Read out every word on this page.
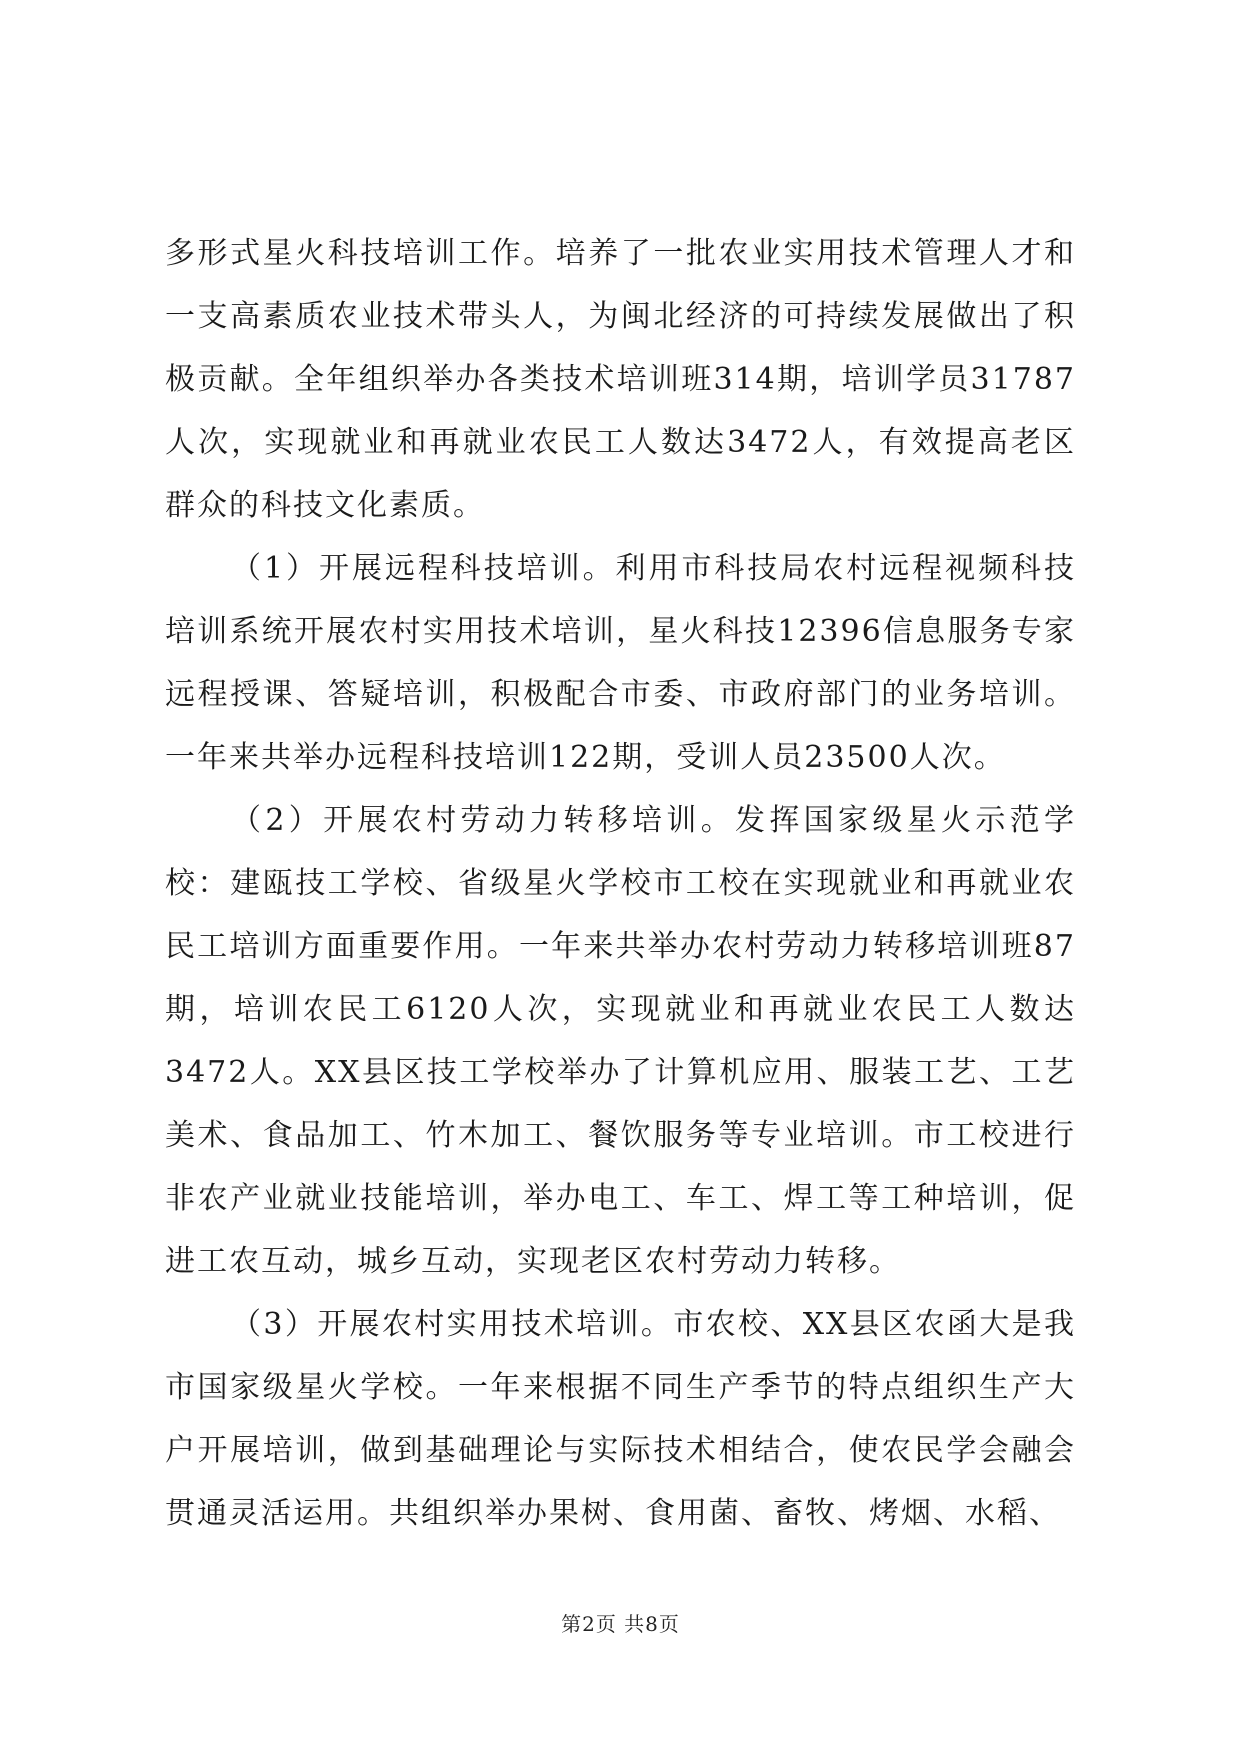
多形式星火科技培训工作。培养了一批农业实用技术管理人才和一支高素质农业技术带头人，为闽北经济的可持续发展做出了积极贡献。全年组织举办各类技术培训班314期，培训学员31787人次，实现就业和再就业农民工人数达3472人，有效提高老区群众的科技文化素质。

（1）开展远程科技培训。利用市科技局农村远程视频科技培训系统开展农村实用技术培训，星火科技12396信息服务专家远程授课、答疑培训，积极配合市委、市政府部门的业务培训。一年来共举办远程科技培训122期，受训人员23500人次。

（2）开展农村劳动力转移培训。发挥国家级星火示范学校：建瓯技工学校、省级星火学校市工校在实现就业和再就业农民工培训方面重要作用。一年来共举办农村劳动力转移培训班87期，培训农民工6120人次，实现就业和再就业农民工人数达3472人。XX县区技工学校举办了计算机应用、服装工艺、工艺美术、食品加工、竹木加工、餐饮服务等专业培训。市工校进行非农产业就业技能培训，举办电工、车工、焊工等工种培训，促进工农互动，城乡互动，实现老区农村劳动力转移。

（3）开展农村实用技术培训。市农校、XX县区农函大是我市国家级星火学校。一年来根据不同生产季节的特点组织生产大户开展培训，做到基础理论与实际技术相结合，使农民学会融会贯通灵活运用。共组织举办果树、食用菌、畜牧、烤烟、水稻、

第2页 共8页
